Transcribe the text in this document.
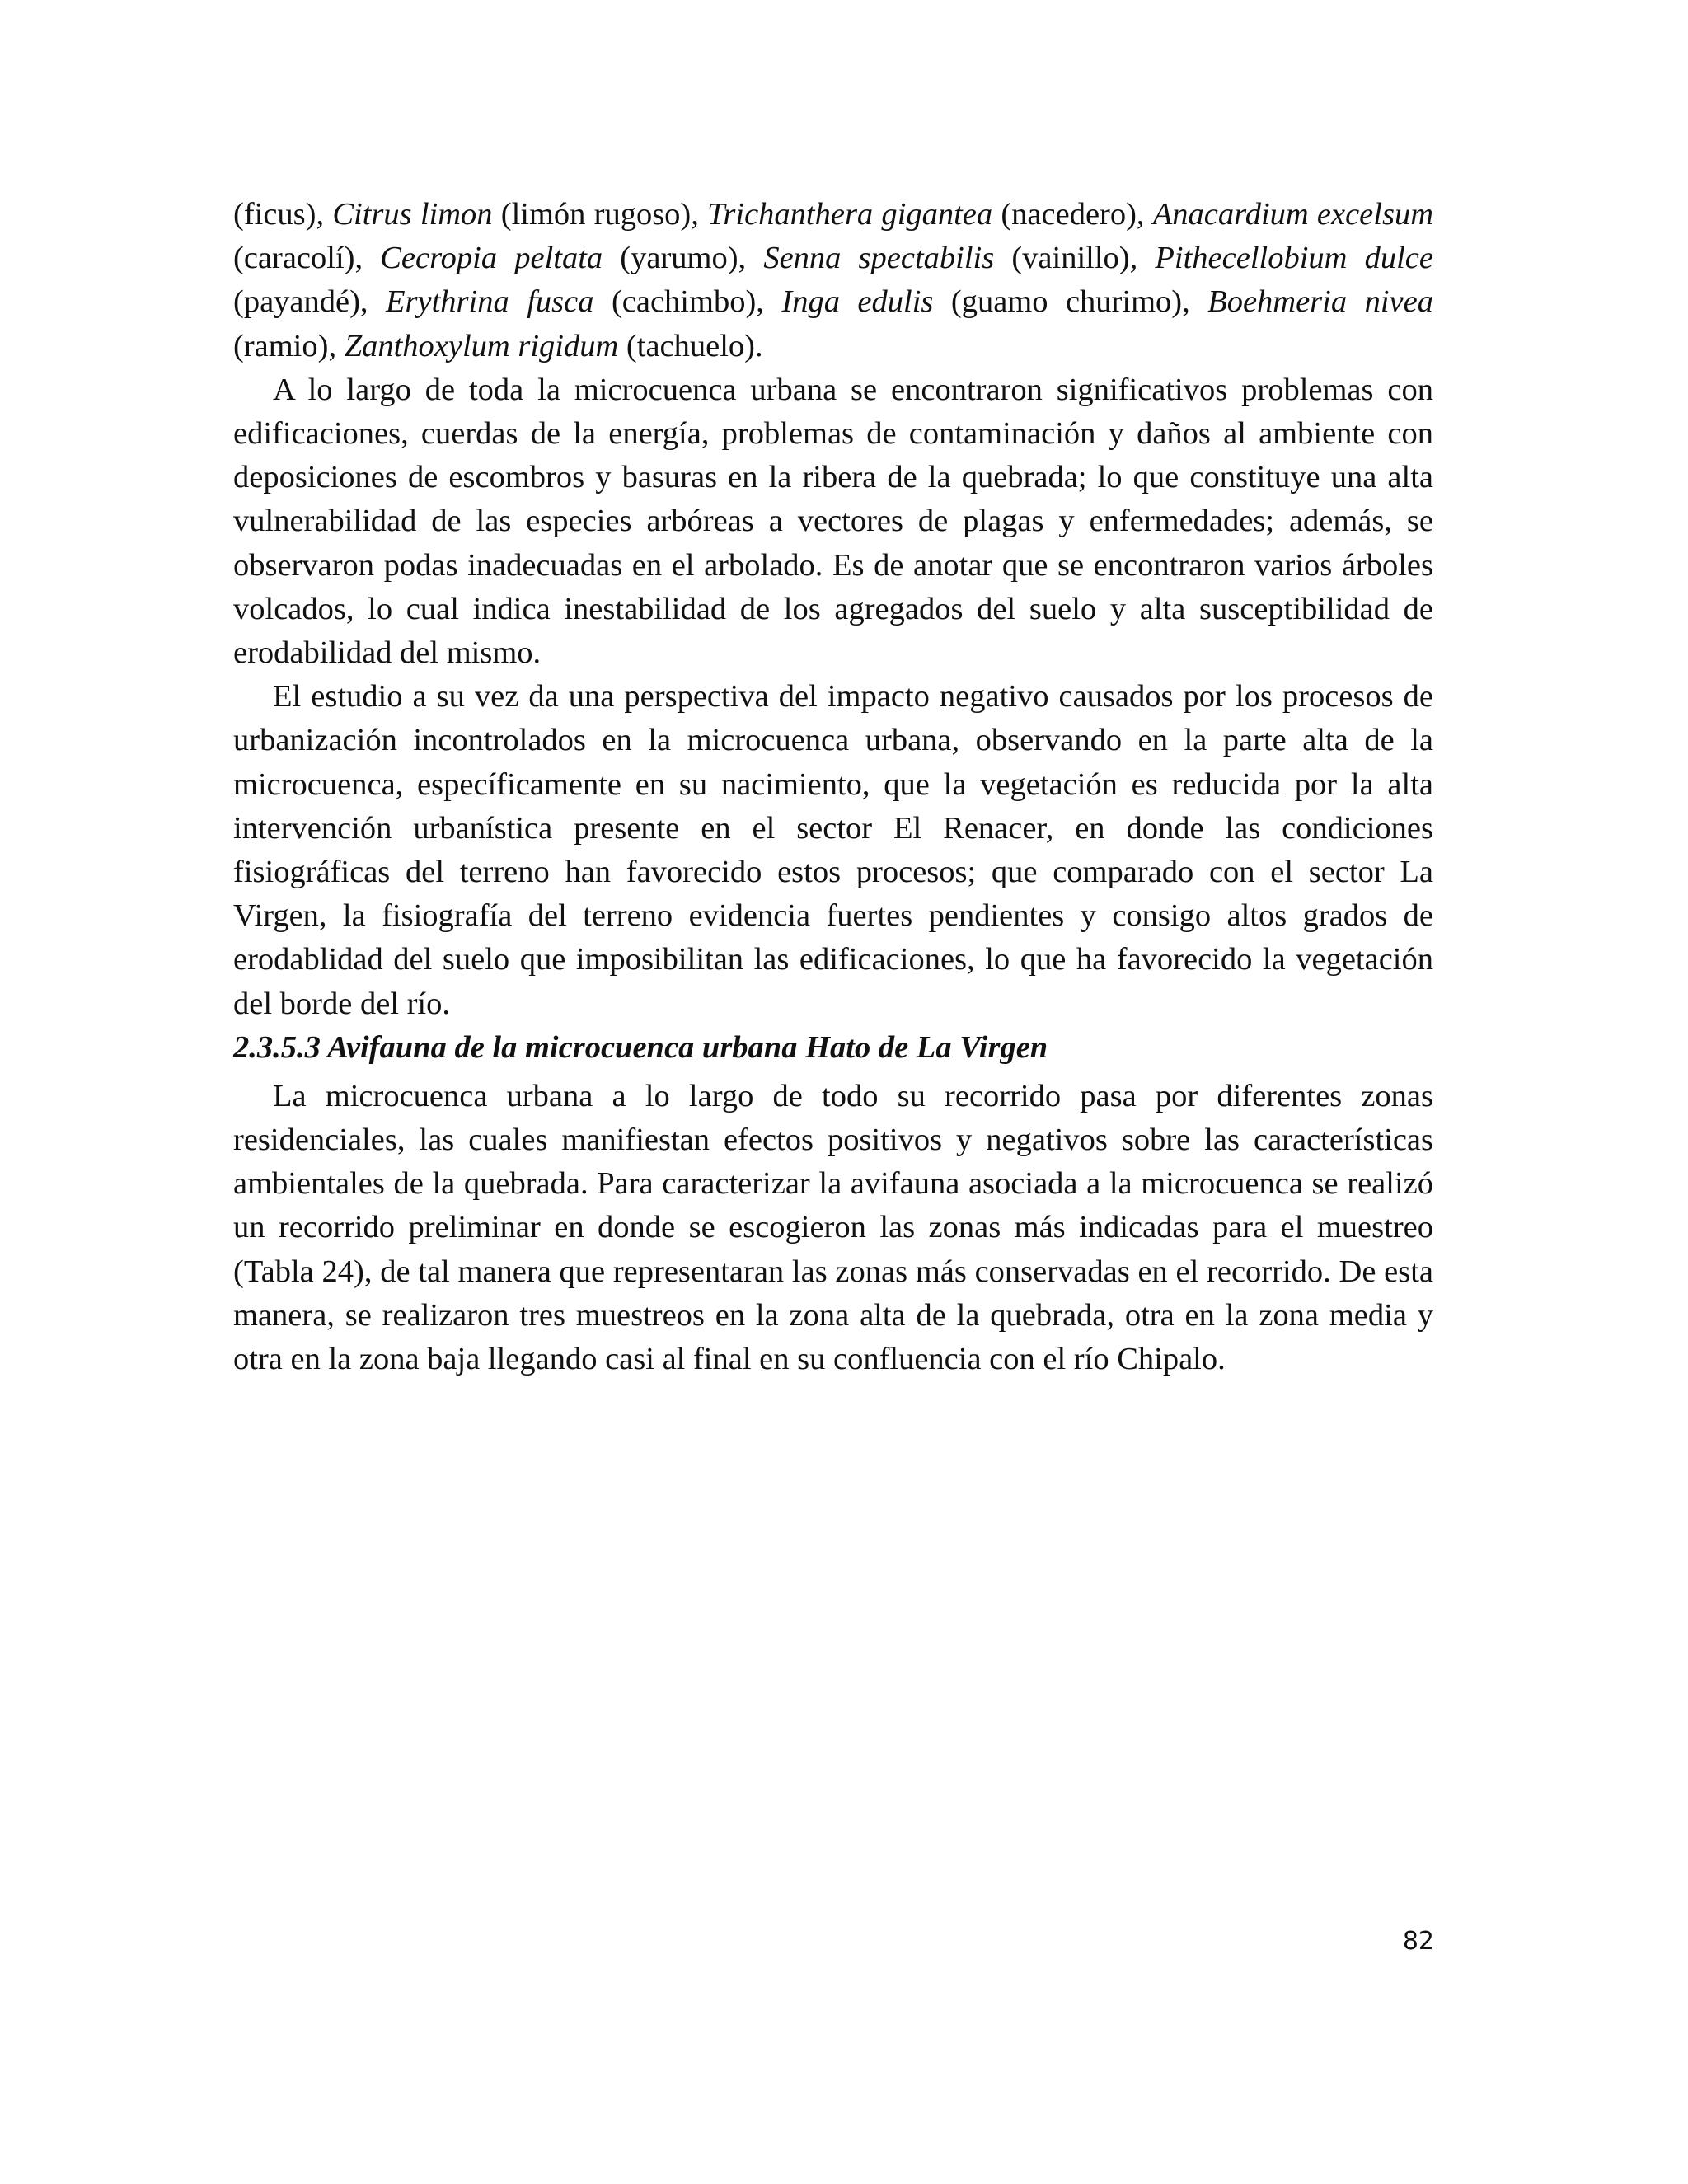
(ficus), Citrus limon (limón rugoso), Trichanthera gigantea (nacedero), Anacardium excelsum (caracolí), Cecropia peltata (yarumo), Senna spectabilis (vainillo), Pithecellobium dulce (payandé), Erythrina fusca (cachimbo), Inga edulis (guamo churimo), Boehmeria nivea (ramio), Zanthoxylum rigidum (tachuelo).

A lo largo de toda la microcuenca urbana se encontraron significativos problemas con edificaciones, cuerdas de la energía, problemas de contaminación y daños al ambiente con deposiciones de escombros y basuras en la ribera de la quebrada; lo que constituye una alta vulnerabilidad de las especies arbóreas a vectores de plagas y enfermedades; además, se observaron podas inadecuadas en el arbolado. Es de anotar que se encontraron varios árboles volcados, lo cual indica inestabilidad de los agregados del suelo y alta susceptibilidad de erodabilidad del mismo.

El estudio a su vez da una perspectiva del impacto negativo causados por los procesos de urbanización incontrolados en la microcuenca urbana, observando en la parte alta de la microcuenca, específicamente en su nacimiento, que la vegetación es reducida por la alta intervención urbanística presente en el sector El Renacer, en donde las condiciones fisiográficas del terreno han favorecido estos procesos; que comparado con el sector La Virgen, la fisiografía del terreno evidencia fuertes pendientes y consigo altos grados de erodablidad del suelo que imposibilitan las edificaciones, lo que ha favorecido la vegetación del borde del río.

2.3.5.3 Avifauna de la microcuenca urbana Hato de La Virgen

La microcuenca urbana a lo largo de todo su recorrido pasa por diferentes zonas residenciales, las cuales manifiestan efectos positivos y negativos sobre las características ambientales de la quebrada. Para caracterizar la avifauna asociada a la microcuenca se realizó un recorrido preliminar en donde se escogieron las zonas más indicadas para el muestreo (Tabla 24), de tal manera que representaran las zonas más conservadas en el recorrido. De esta manera, se realizaron tres muestreos en la zona alta de la quebrada, otra en la zona media y otra en la zona baja llegando casi al final en su confluencia con el río Chipalo.

82
